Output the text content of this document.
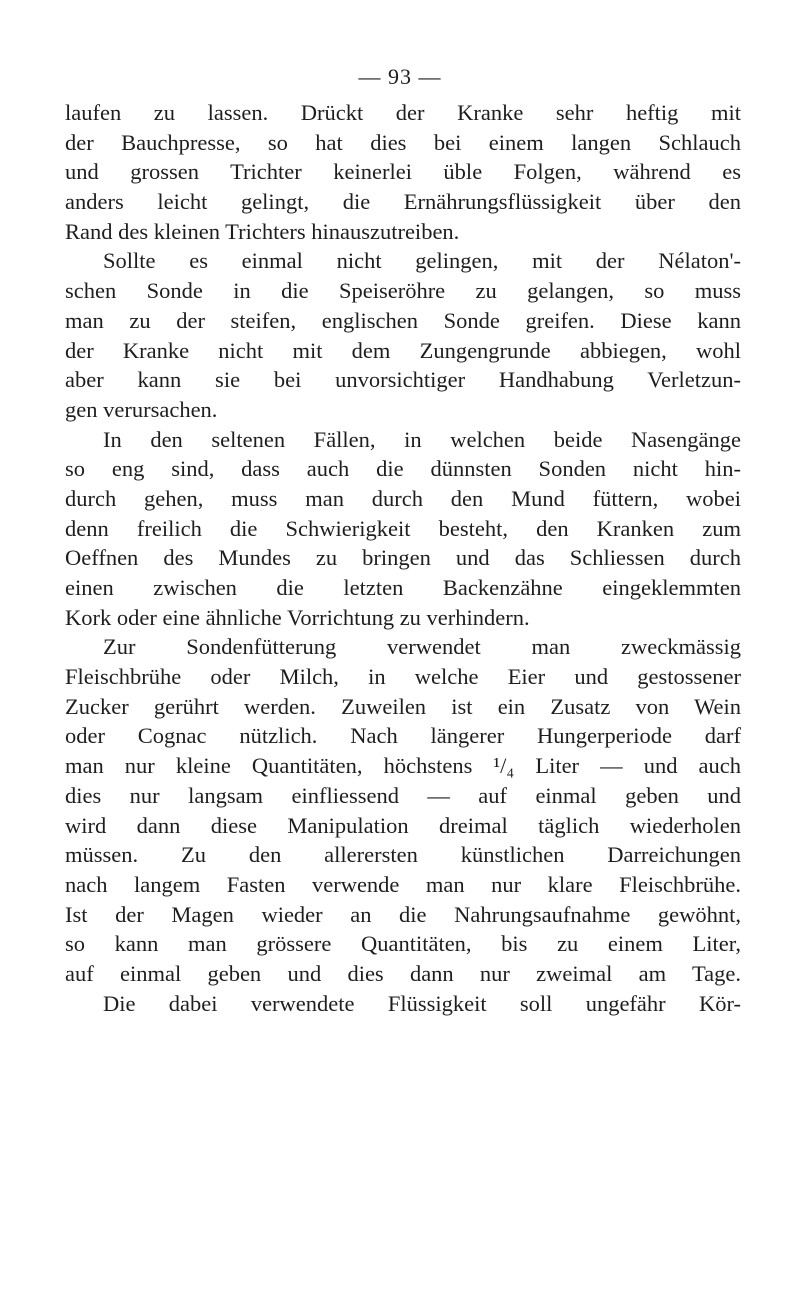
— 93 —

laufen zu lassen. Drückt der Kranke sehr heftig mit
der Bauchpresse, so hat dies bei einem langen Schlauch
und grossen Trichter keinerlei üble Folgen, während es
anders leicht gelingt, die Ernährungsflüssigkeit über den
Rand des kleinen Trichters hinauszutreiben.
Sollte es einmal nicht gelingen, mit der Nélaton'-
schen Sonde in die Speiseröhre zu gelangen, so muss
man zu der steifen, englischen Sonde greifen. Diese kann
der Kranke nicht mit dem Zungengrunde abbiegen, wohl
aber kann sie bei unvorsichtiger Handhabung Verletzun-
gen verursachen.
In den seltenen Fällen, in welchen beide Nasengänge
so eng sind, dass auch die dünnsten Sonden nicht hin-
durch gehen, muss man durch den Mund füttern, wobei
denn freilich die Schwierigkeit besteht, den Kranken zum
Oeffnen des Mundes zu bringen und das Schliessen durch
einen zwischen die letzten Backenzähne eingeklemmten
Kork oder eine ähnliche Vorrichtung zu verhindern.
Zur Sondenfütterung verwendet man zweckmässig
Fleischbrühe oder Milch, in welche Eier und gestossener
Zucker gerührt werden. Zuweilen ist ein Zusatz von Wein
oder Cognac nützlich. Nach längerer Hungerperiode darf
man nur kleine Quantitäten, höchstens ¹/₄ Liter — und auch
dies nur langsam einfliessend — auf einmal geben und
wird dann diese Manipulation dreimal täglich wiederholen
müssen. Zu den allerersten künstlichen Darreichungen
nach langem Fasten verwende man nur klare Fleischbrühe.
Ist der Magen wieder an die Nahrungsaufnahme gewöhnt,
so kann man grössere Quantitäten, bis zu einem Liter,
auf einmal geben und dies dann nur zweimal am Tage.
Die dabei verwendete Flüssigkeit soll ungefähr Kör-
